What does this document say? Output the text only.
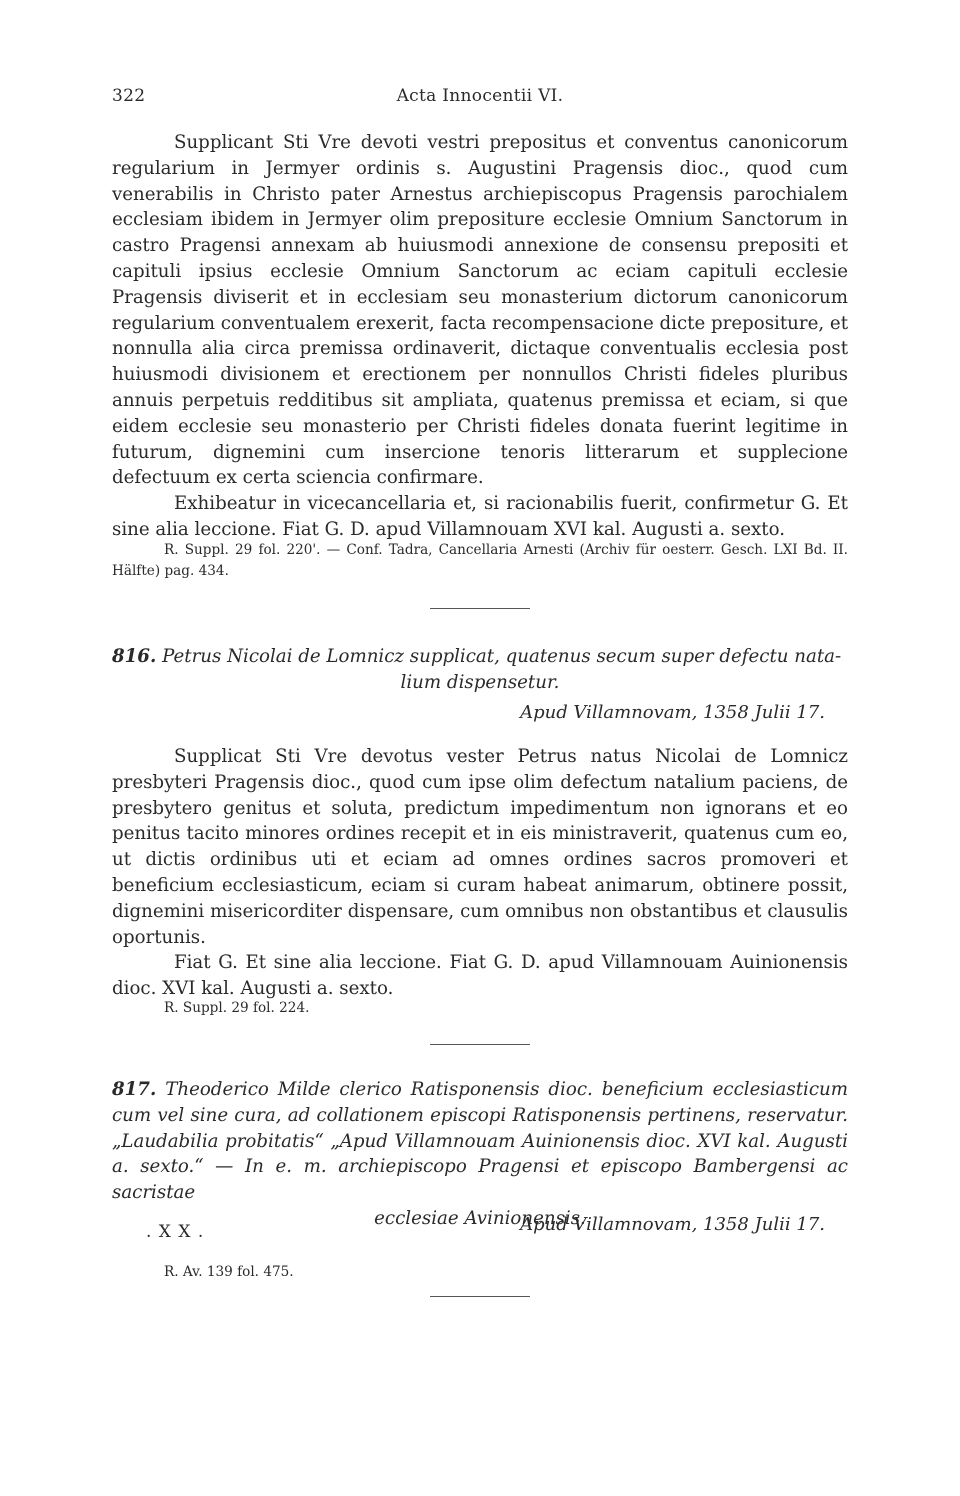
322	Acta Innocentii VI.

Supplicant Sti Vre devoti vestri prepositus et conventus canonicorum regularium in Jermyer ordinis s. Augustini Pragensis dioc., quod cum venerabilis in Christo pater Arnestus archiepiscopus Pragensis parochialem ecclesiam ibidem in Jermyer olim prepositure ecclesie Omnium Sanctorum in castro Pragensi annexam ab huiusmodi annexione de consensu prepositi et capituli ipsius ecclesie Omnium Sanctorum ac eciam capituli ecclesie Pragensis diviserit et in ecclesiam seu monasterium dictorum canonicorum regularium conventualem erexerit, facta recompensacione dicte prepositure, et nonnulla alia circa premissa ordinaverit, dictaque conventualis ecclesia post huiusmodi divisionem et erectionem per nonnullos Christi fideles pluribus annuis perpetuis redditibus sit ampliata, quatenus premissa et eciam, si que eidem ecclesie seu monasterio per Christi fideles donata fuerint legitime in futurum, dignemini cum insercione tenoris litterarum et supplecione defectuum ex certa sciencia confirmare.

Exhibeatur in vicecancellaria et, si racionabilis fuerit, confirmetur G. Et sine alia leccione. Fiat G. D. apud Villamnouam XVI kal. Augusti a. sexto.

R. Suppl. 29 fol. 220'. — Conf. Tadra, Cancellaria Arnesti (Archiv für oesterr. Gesch. LXI Bd. II. Hälfte) pag. 434.

816. Petrus Nicolai de Lomnicz supplicat, quatenus secum super defectu nata-
lium dispensetur.
Apud Villamnovam, 1358 Julii 17.

Supplicat Sti Vre devotus vester Petrus natus Nicolai de Lomnicz presbyteri Pragensis dioc., quod cum ipse olim defectum natalium paciens, de presbytero genitus et soluta, predictum impedimentum non ignorans et eo penitus tacito minores ordines recepit et in eis ministraverit, quatenus cum eo, ut dictis ordinibus uti et eciam ad omnes ordines sacros promoveri et beneficium ecclesiasticum, eciam si curam habeat animarum, obtinere possit, dignemini misericorditer dispensare, cum omnibus non obstantibus et clausulis oportunis.

Fiat G. Et sine alia leccione. Fiat G. D. apud Villamnouam Auinionensis dioc. XVI kal. Augusti a. sexto.

R. Suppl. 29 fol. 224.

817. Theoderico Milde clerico Ratisponensis dioc. beneficium ecclesiasticum cum vel sine cura, ad collationem episcopi Ratisponensis pertinens, reservatur. „Laudabilia probitatis“ „Apud Villamnouam Auinionensis dioc. XVI kal. Augusti a. sexto.“ — In e. m. archiepiscopo Pragensi et episcopo Bambergensi ac sacristae
ecclesiae Avinionensis.
. X X .	Apud Villamnovam, 1358 Julii 17.

R. Av. 139 fol. 475.
